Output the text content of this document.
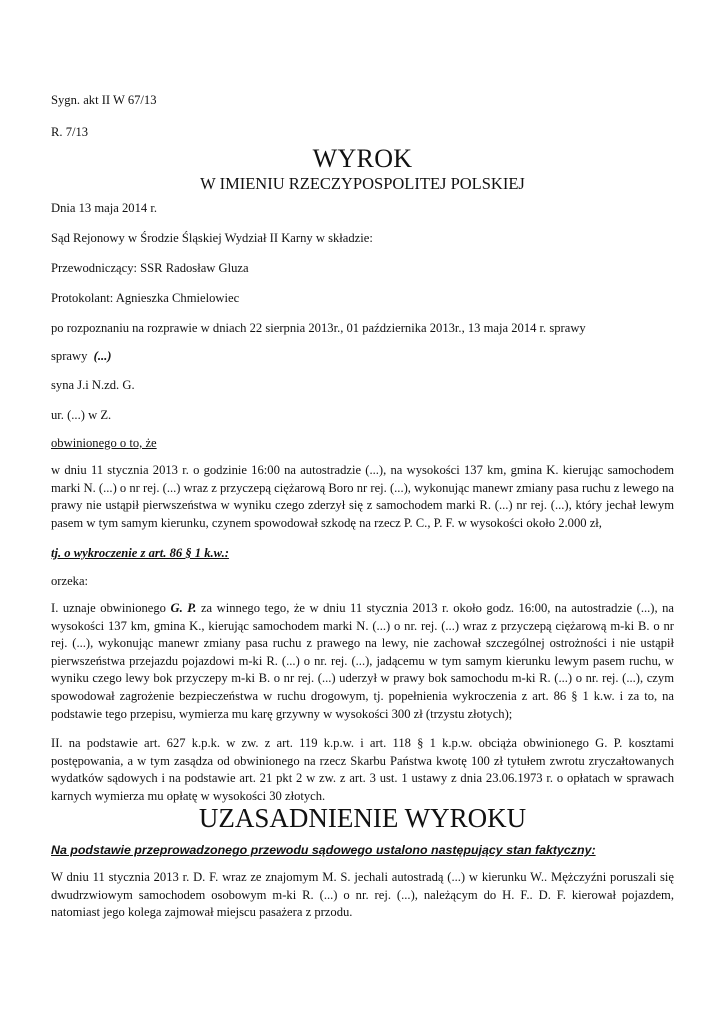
Sygn. akt II W 67/13
R. 7/13
WYROK
W IMIENIU RZECZYPOSPOLITEJ POLSKIEJ
Dnia 13 maja 2014 r.
Sąd Rejonowy w Środzie Śląskiej Wydział II Karny w składzie:
Przewodniczący: SSR Radosław Gluza
Protokolant: Agnieszka Chmielowiec
po rozpoznaniu na rozprawie w dniach 22 sierpnia 2013r., 01 października 2013r., 13 maja 2014 r. sprawy
sprawy (...)
syna J.i N.zd. G.
ur. (...) w Z.
obwinionego o to, że
w dniu 11 stycznia 2013 r. o godzinie 16:00 na autostradzie (...), na wysokości 137 km, gmina K. kierując samochodem marki N. (...) o nr rej. (...) wraz z przyczepą ciężarową Boro nr rej. (...), wykonując manewr zmiany pasa ruchu z lewego na prawy nie ustąpił pierwszeństwa w wyniku czego zderzył się z samochodem marki R. (...) nr rej. (...), który jechał lewym pasem w tym samym kierunku, czynem spowodował szkodę na rzecz P. C., P. F. w wysokości około 2.000 zł,
tj. o wykroczenie z art. 86 § 1 k.w.:
orzeka:
I. uznaje obwinionego G. P. za winnego tego, że w dniu 11 stycznia 2013 r. około godz. 16:00, na autostradzie (...), na wysokości 137 km, gmina K., kierując samochodem marki N. (...) o nr. rej. (...) wraz z przyczepą ciężarową m-ki B. o nr rej. (...), wykonując manewr zmiany pasa ruchu z prawego na lewy, nie zachował szczególnej ostrożności i nie ustąpił pierwszeństwa przejazdu pojazdowi m-ki R. (...) o nr. rej. (...), jadącemu w tym samym kierunku lewym pasem ruchu, w wyniku czego lewy bok przyczepy m-ki B. o nr rej. (...) uderzył w prawy bok samochodu m-ki R. (...) o nr. rej. (...), czym spowodował zagrożenie bezpieczeństwa w ruchu drogowym, tj. popełnienia wykroczenia z art. 86 § 1 k.w. i za to, na podstawie tego przepisu, wymierza mu karę grzywny w wysokości 300 zł (trzystu złotych);
II. na podstawie art. 627 k.p.k. w zw. z art. 119 k.p.w. i art. 118 § 1 k.p.w. obciąża obwinionego G. P. kosztami postępowania, a w tym zasądza od obwinionego na rzecz Skarbu Państwa kwotę 100 zł tytułem zwrotu zryczałtowanych wydatków sądowych i na podstawie art. 21 pkt 2 w zw. z art. 3 ust. 1 ustawy z dnia 23.06.1973 r. o opłatach w sprawach karnych wymierza mu opłatę w wysokości 30 złotych.
UZASADNIENIE WYROKU
Na podstawie przeprowadzonego przewodu sądowego ustalono następujący stan faktyczny:
W dniu 11 stycznia 2013 r. D. F. wraz ze znajomym M. S. jechali autostradą (...) w kierunku W.. Mężczyźni poruszali się dwudrzwiowym samochodem osobowym m-ki R. (...) o nr. rej. (...), należącym do H. F.. D. F. kierował pojazdem, natomiast jego kolega zajmował miejscu pasażera z przodu.
